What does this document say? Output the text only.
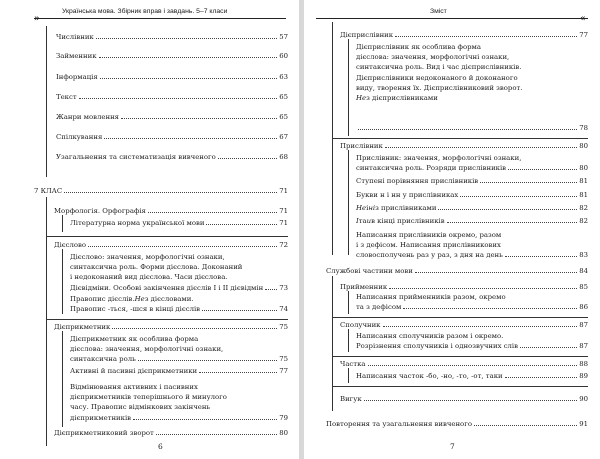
»
Українська мова. Збірник вправ і завдань. 5–7 класи
Числівник	57
Займенник	60
Інформація	63
Текст	65
Жанри мовлення	65
Спілкування	67
Узагальнення та систематизація вивченого	68
7 КЛАС	71
Морфологія. Орфографія	71
Літературна норма української мови	71
Дієслово	72
Дієслово: значення, морфологічні ознаки,
синтаксична роль. Форми дієслова. Доконаний
і недоконаний вид дієслова. Часи дієслова.
Дієвідміни. Особові закінчення дієслів I і II дієвідмін 73
Правопис дієслів. Не з дієсловами.
Правопис -ться, -шся в кінці дієслів	74
Дієприкметник	75
Дієприкметник як особлива форма
дієслова: значення, морфологічні ознаки,
синтаксична роль	75
Активні й пасивні дієприкметники	77
Відмінювання активних і пасивних
дієприкметників теперішнього й минулого
часу. Правопис відмінкових закінчень
дієприкметників	79
Дієприкметниковий зворот	80
6
Зміст
«
Дієприслівник	77
Дієприслівник як особлива форма
дієслова: значення, морфологічні ознаки,
синтаксична роль. Вид і час дієприслівників.
Дієприслівники недоконаного й доконаного
виду, творення їх. Дієприслівниковий зворот.
Не з дієприслівниками
78
Прислівник	80
Прислівник: значення, морфологічні ознаки,
синтаксична роль. Розряди прислівників	80
Ступені порівняння прислівників	81
Букви н і нн у прислівниках	81
Не і ні з прислівниками	82
І та и в кінці прислівників	82
Написання прислівників окремо, разом
і з дефісом. Написання прислівникових
словосполучень раз у раз, з дня на день	83
Службові частини мови	84
Прийменник	85
Написання прийменників разом, окремо
та з дефісом	86
Сполучник	87
Написання сполучників разом і окремо.
Розрізнення сполучників і однозвучних слів	87
Частка	88
Написання часток -бо, -но, -то, -от, таки	89
Вигук	90
Повторення та узагальнення вивченого	91
7
